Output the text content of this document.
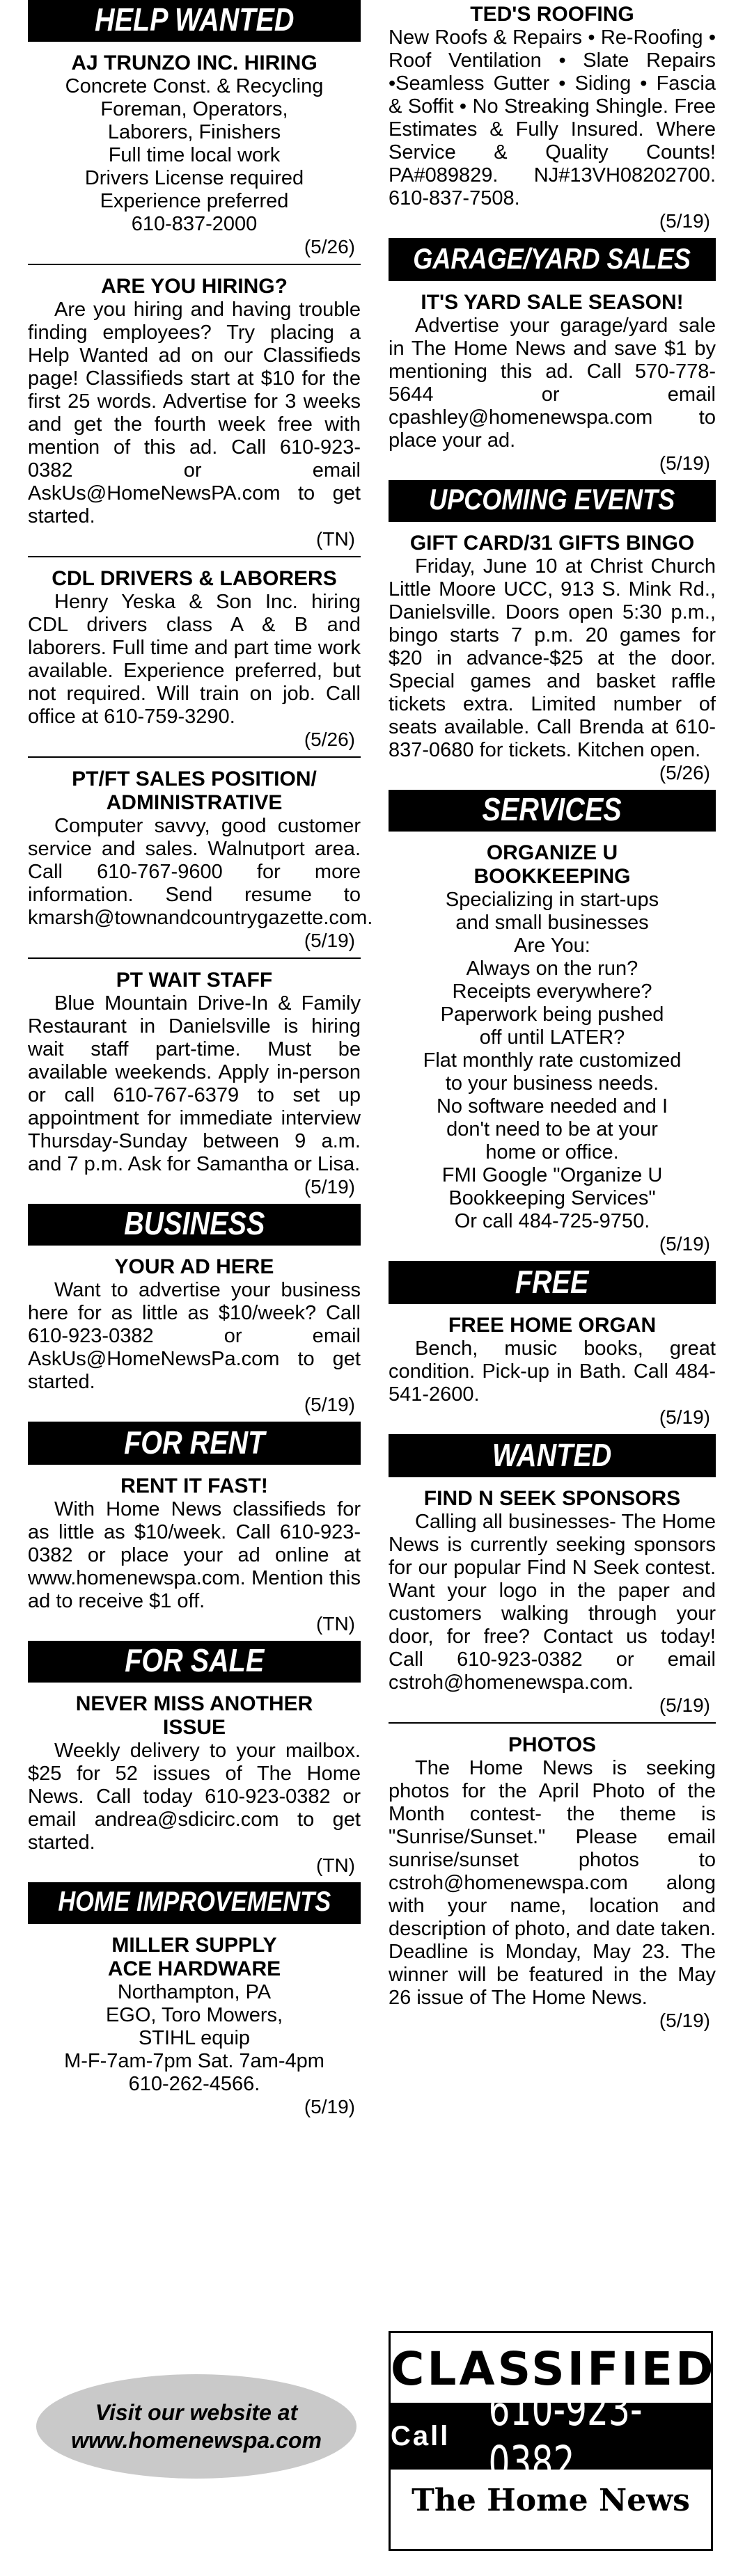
HELP WANTED
AJ TRUNZO INC. HIRING
Concrete Const. & Recycling
Foreman, Operators,
Laborers, Finishers
Full time local work
Drivers License required
Experience preferred
610-837-2000
(5/26)
ARE YOU HIRING?
Are you hiring and having trouble finding employees? Try placing a Help Wanted ad on our Classifieds page! Classifieds start at $10 for the first 25 words. Advertise for 3 weeks and get the fourth week free with mention of this ad. Call 610-923-0382 or email AskUs@HomeNewsPA.com to get started.
(TN)
CDL DRIVERS & LABORERS
Henry Yeska & Son Inc. hiring CDL drivers class A & B and laborers. Full time and part time work available. Experience preferred, but not required. Will train on job. Call office at 610-759-3290.
(5/26)
PT/FT SALES POSITION/ ADMINISTRATIVE
Computer savvy, good customer service and sales. Walnutport area. Call 610-767-9600 for more information. Send resume to kmarsh@townandcountrygazette.com.
(5/19)
PT WAIT STAFF
Blue Mountain Drive-In & Family Restaurant in Danielsville is hiring wait staff part-time. Must be available weekends. Apply in-person or call 610-767-6379 to set up appointment for immediate interview Thursday-Sunday between 9 a.m. and 7 p.m. Ask for Samantha or Lisa.
(5/19)
BUSINESS
YOUR AD HERE
Want to advertise your business here for as little as $10/week? Call 610-923-0382 or email AskUs@HomeNewsPa.com to get started.
(5/19)
FOR RENT
RENT IT FAST!
With Home News classifieds for as little as $10/week. Call 610-923-0382 or place your ad online at www.homenewspa.com. Mention this ad to receive $1 off.
(TN)
FOR SALE
NEVER MISS ANOTHER ISSUE
Weekly delivery to your mailbox. $25 for 52 issues of The Home News. Call today 610-923-0382 or email andrea@sdicirc.com to get started.
(TN)
HOME IMPROVEMENTS
MILLER SUPPLY ACE HARDWARE
Northampton, PA
EGO, Toro Mowers,
STIHL equip
M-F-7am-7pm Sat. 7am-4pm
610-262-4566.
(5/19)
Visit our website at
www.homenewspa.com
TED'S ROOFING
New Roofs & Repairs • Re-Roofing • Roof Ventilation • Slate Repairs •Seamless Gutter • Siding • Fascia & Soffit • No Streaking Shingle. Free Estimates & Fully Insured. Where Service & Quality Counts! PA#089829. NJ#13VH08202700. 610-837-7508.
(5/19)
GARAGE/YARD SALES
IT'S YARD SALE SEASON!
Advertise your garage/yard sale in The Home News and save $1 by mentioning this ad. Call 570-778-5644 or email cpashley@homenewspa.com to place your ad.
(5/19)
UPCOMING EVENTS
GIFT CARD/31 GIFTS BINGO
Friday, June 10 at Christ Church Little Moore UCC, 913 S. Mink Rd., Danielsville. Doors open 5:30 p.m., bingo starts 7 p.m. 20 games for $20 in advance-$25 at the door. Special games and basket raffle tickets extra. Limited number of seats available. Call Brenda at 610-837-0680 for tickets. Kitchen open.
(5/26)
SERVICES
ORGANIZE U BOOKKEEPING
Specializing in start-ups
and small businesses
Are You:
Always on the run?
Receipts everywhere?
Paperwork being pushed
off until LATER?
Flat monthly rate customized
to your business needs.
No software needed and I
don't need to be at your
home or office.
FMI Google "Organize U
Bookkeeping Services"
Or call 484-725-9750.
(5/19)
FREE
FREE HOME ORGAN
Bench, music books, great condition. Pick-up in Bath. Call 484-541-2600.
(5/19)
WANTED
FIND N SEEK SPONSORS
Calling all businesses- The Home News is currently seeking sponsors for our popular Find N Seek contest. Want your logo in the paper and customers walking through your door, for free? Contact us today! Call 610-923-0382 or email cstroh@homenewspa.com.
(5/19)
PHOTOS
The Home News is seeking photos for the April Photo of the Month contest- the theme is "Sunrise/Sunset." Please email sunrise/sunset photos to cstroh@homenewspa.com along with your name, location and description of photo, and date taken. Deadline is Monday, May 23. The winner will be featured in the May 26 issue of The Home News.
(5/19)
CLASSIFIED
Call 610-923-0382
The Home News
